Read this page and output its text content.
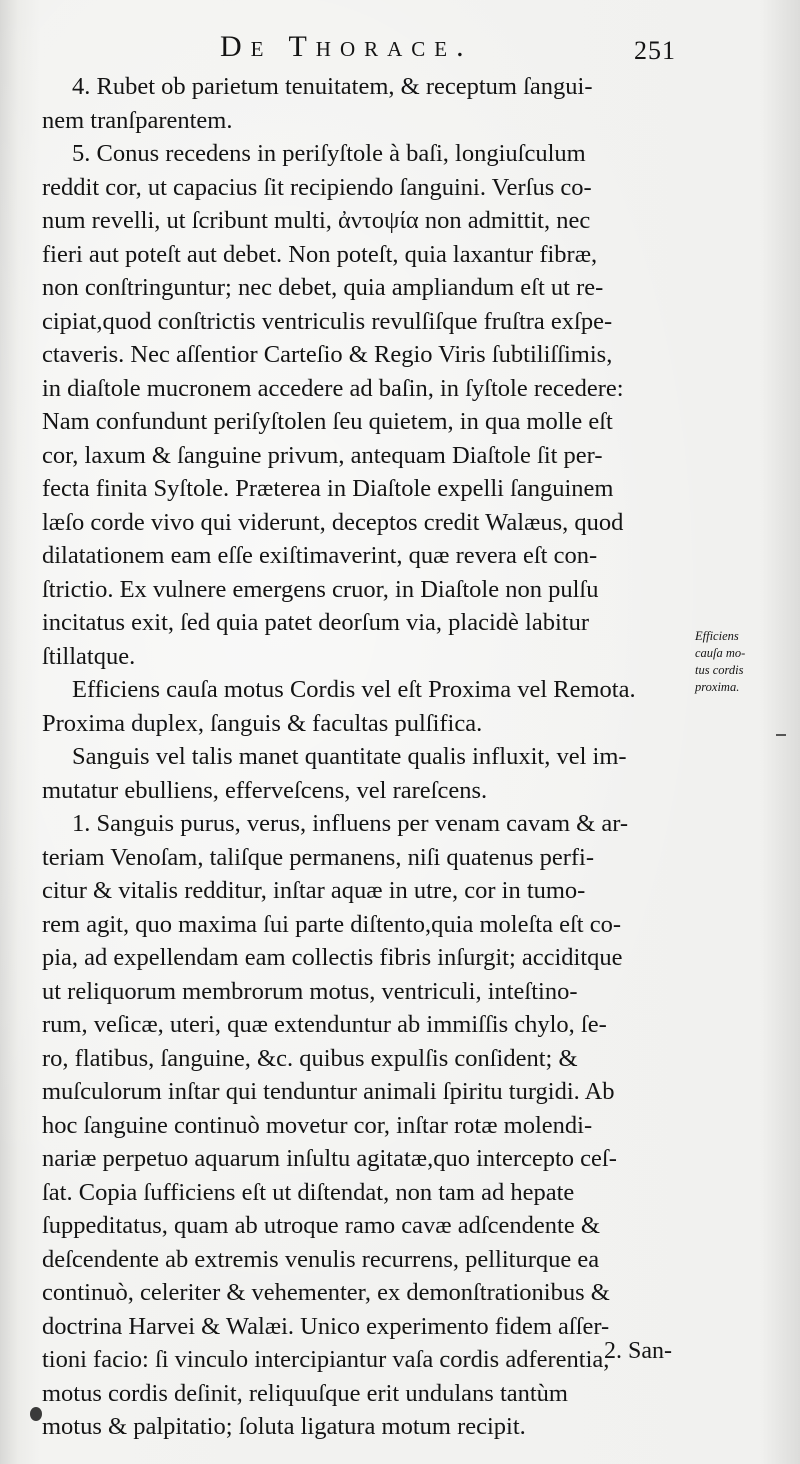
De Thorace.	251
4. Rubet ob parietum tenuitatem, & receptum ſangui-
nem tranſparentem.
5. Conus recedens in periſyſtole à baſi, longiuſculum
reddit cor, ut capacius ſit recipiendo ſanguini. Verſus co-
num revelli, ut ſcribunt multi, ἀντοψία non admittit, nec
fieri aut poteſt aut debet. Non poteſt, quia laxantur fibræ,
non conſtringuntur; nec debet, quia ampliandum eſt ut re-
cipiat,quod conſtrictis ventriculis revulſiſque fruſtra exſpe-
ctaveris. Nec aſſentior Carteſio & Regio Viris ſubtiliſſimis,
in diaſtole mucronem accedere ad baſin, in ſyſtole recedere:
Nam confundunt periſyſtolen ſeu quietem, in qua molle eſt
cor, laxum & ſanguine privum, antequam Diaſtole ſit per-
fecta finita Syſtole. Præterea in Diaſtole expelli ſanguinem
læſo corde vivo qui viderunt, deceptos credit Walæus, quod
dilatationem eam eſſe exiſtimaverint, quæ revera eſt con-
ſtrictio. Ex vulnere emergens cruor, in Diaſtole non pulſu
incitatus exit, ſed quia patet deorſum via, placidè labitur
ſtillatque.
Efficiens cauſa motus Cordis vel eſt Proxima vel Remota.
Proxima duplex, ſanguis & facultas pulſifica.
Sanguis vel talis manet quantitate qualis influxit, vel im-
mutatur ebulliens, efferveſcens, vel rareſcens.
1. Sanguis purus, verus, influens per venam cavam & ar-
teriam Venoſam, taliſque permanens, niſi quatenus perfi-
citur & vitalis redditur, inſtar aquæ in utre, cor in tumo-
rem agit, quo maxima ſui parte diſtento,quia moleſta eſt co-
pia, ad expellendam eam collectis fibris inſurgit; acciditque
ut reliquorum membrorum motus, ventriculi, inteſtino-
rum, veſicæ, uteri, quæ extenduntur ab immiſſis chylo, ſe-
ro, flatibus, ſanguine, &c. quibus expulſis conſident; &
muſculorum inſtar qui tenduntur animali ſpiritu turgidi. Ab
hoc ſanguine continuò movetur cor, inſtar rotæ molendi-
nariæ perpetuo aquarum inſultu agitatæ,quo intercepto ceſ-
ſat. Copia ſufficiens eſt ut diſtendat, non tam ad hepate
ſuppeditatus, quam ab utroque ramo cavæ adſcendente &
deſcendente ab extremis venulis recurrens, pelliturque ea
continuò, celeriter & vehementer, ex demonſtrationibus &
doctrina Harvei & Walæi. Unico experimento fidem aſſer-
tioni facio: ſi vinculo intercipiantur vaſa cordis adferentia,
motus cordis deſinit, reliquuſque erit undulans tantùm
motus & palpitatio; ſoluta ligatura motum recipit.
Efficiens
cauſa mo-
tus cordis
proxima.
2. San-
